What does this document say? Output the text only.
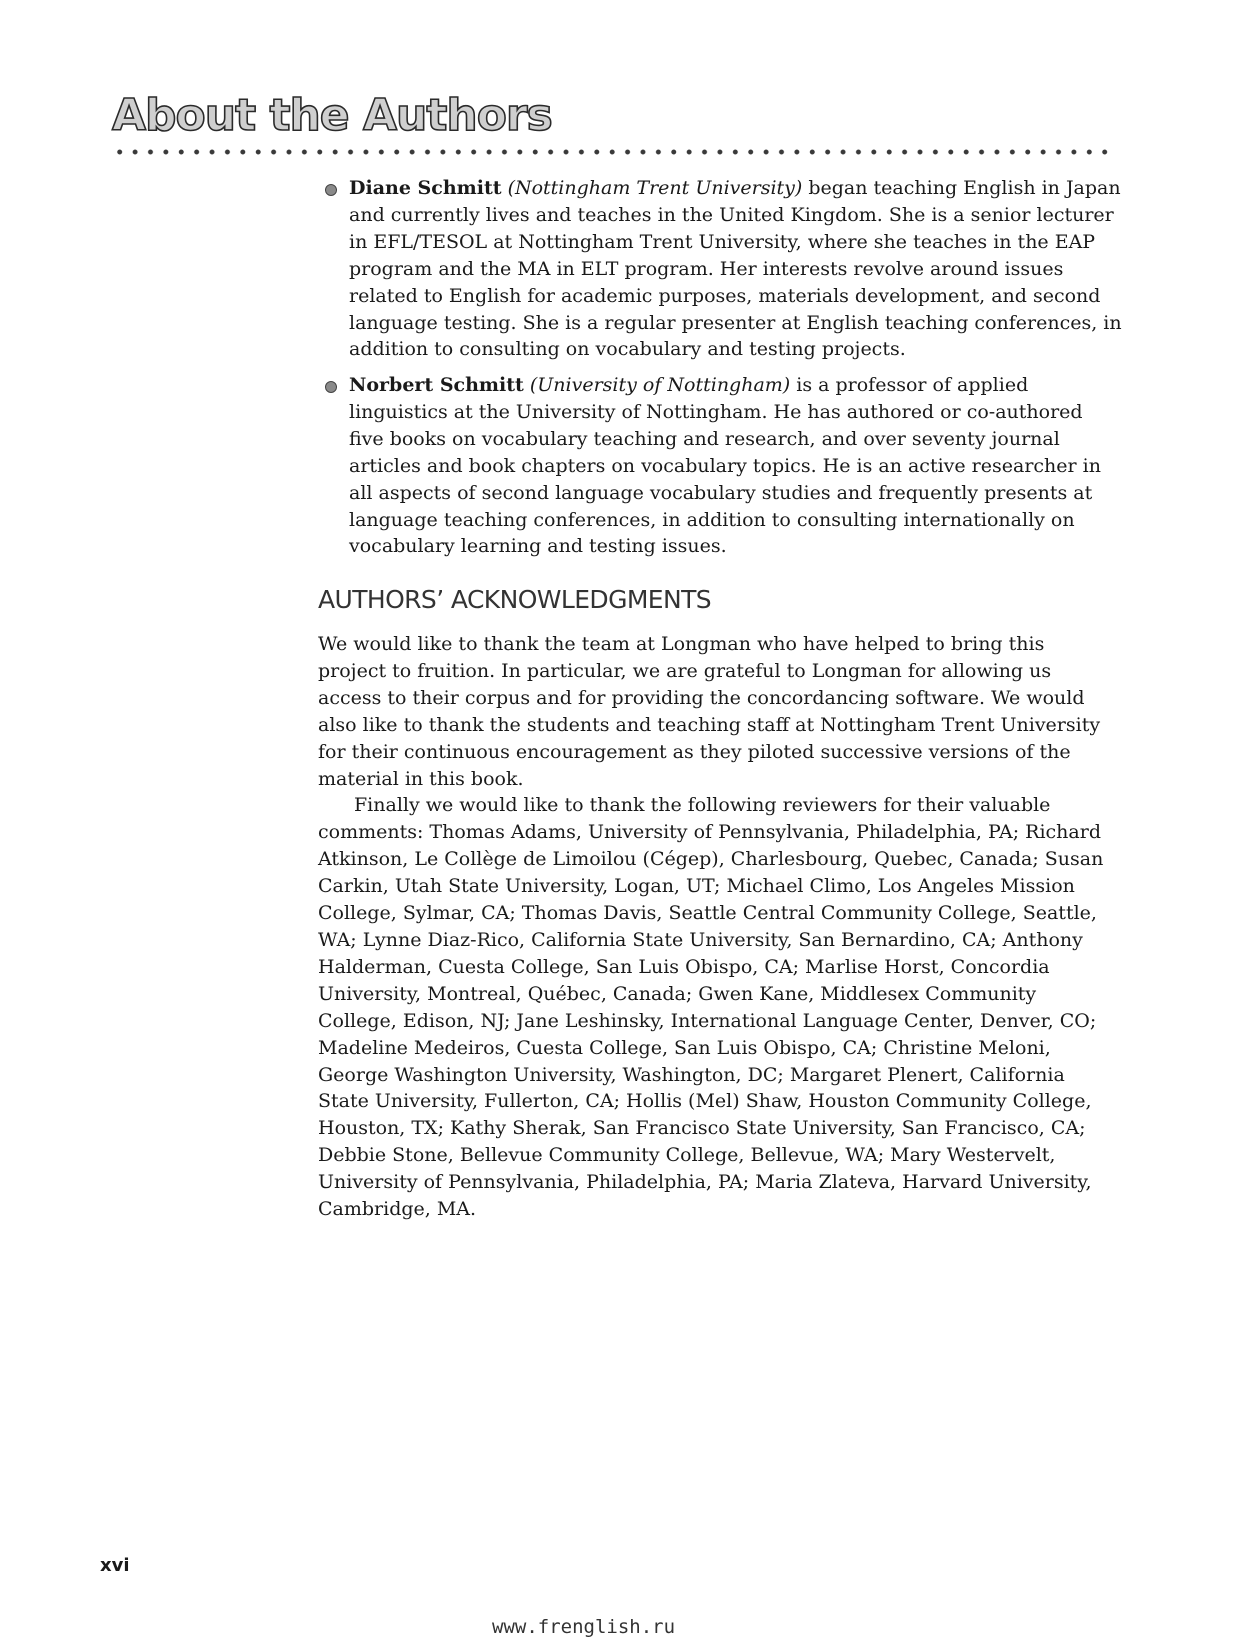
About the Authors
Diane Schmitt (Nottingham Trent University) began teaching English in Japan and currently lives and teaches in the United Kingdom. She is a senior lecturer in EFL/TESOL at Nottingham Trent University, where she teaches in the EAP program and the MA in ELT program. Her interests revolve around issues related to English for academic purposes, materials development, and second language testing. She is a regular presenter at English teaching conferences, in addition to consulting on vocabulary and testing projects.
Norbert Schmitt (University of Nottingham) is a professor of applied linguistics at the University of Nottingham. He has authored or co-authored five books on vocabulary teaching and research, and over seventy journal articles and book chapters on vocabulary topics. He is an active researcher in all aspects of second language vocabulary studies and frequently presents at language teaching conferences, in addition to consulting internationally on vocabulary learning and testing issues.
AUTHORS’ ACKNOWLEDGMENTS

We would like to thank the team at Longman who have helped to bring this project to fruition. In particular, we are grateful to Longman for allowing us access to their corpus and for providing the concordancing software. We would also like to thank the students and teaching staff at Nottingham Trent University for their continuous encouragement as they piloted successive versions of the material in this book.

Finally we would like to thank the following reviewers for their valuable comments: Thomas Adams, University of Pennsylvania, Philadelphia, PA; Richard Atkinson, Le Collège de Limoilou (Cégep), Charlesbourg, Quebec, Canada; Susan Carkin, Utah State University, Logan, UT; Michael Climo, Los Angeles Mission College, Sylmar, CA; Thomas Davis, Seattle Central Community College, Seattle, WA; Lynne Diaz-Rico, California State University, San Bernardino, CA; Anthony Halderman, Cuesta College, San Luis Obispo, CA; Marlise Horst, Concordia University, Montreal, Québec, Canada; Gwen Kane, Middlesex Community College, Edison, NJ; Jane Leshinsky, International Language Center, Denver, CO; Madeline Medeiros, Cuesta College, San Luis Obispo, CA; Christine Meloni, George Washington University, Washington, DC; Margaret Plenert, California State University, Fullerton, CA; Hollis (Mel) Shaw, Houston Community College, Houston, TX; Kathy Sherak, San Francisco State University, San Francisco, CA; Debbie Stone, Bellevue Community College, Bellevue, WA; Mary Westervelt, University of Pennsylvania, Philadelphia, PA; Maria Zlateva, Harvard University, Cambridge, MA.

xvi
www.frenglish.ru
